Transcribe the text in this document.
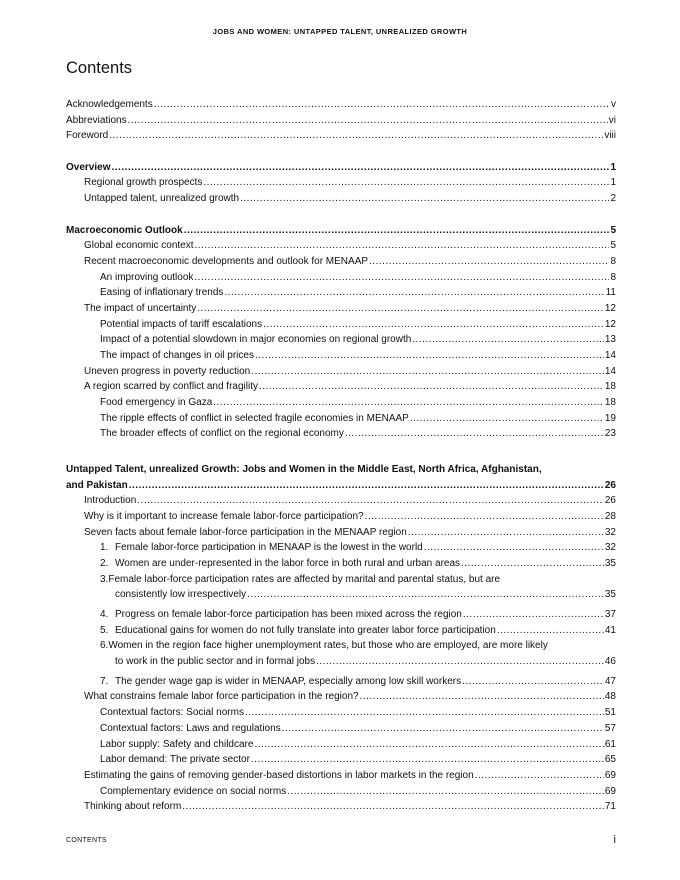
JOBS AND WOMEN: UNTAPPED TALENT, UNREALIZED GROWTH
Contents
Acknowledgements .....	v
Abbreviations .....	vi
Foreword .....	viii
Overview .....	1
Regional growth prospects .....	1
Untapped talent, unrealized growth .....	2
Macroeconomic Outlook .....	5
Global economic context .....	5
Recent macroeconomic developments and outlook for MENAAP .....	8
An improving outlook .....	8
Easing of inflationary trends .....	11
The impact of uncertainty .....	12
Potential impacts of tariff escalations .....	12
Impact of a potential slowdown in major economies on regional growth .....	13
The impact of changes in oil prices .....	14
Uneven progress in poverty reduction .....	14
A region scarred by conflict and fragility .....	18
Food emergency in Gaza .....	18
The ripple effects of conflict in selected fragile economies in MENAAP .....	19
The broader effects of conflict on the regional economy .....	23
Untapped Talent, unrealized Growth: Jobs and Women in the Middle East, North Africa, Afghanistan,
and Pakistan .....	26
Introduction .....	26
Why is it important to increase female labor-force participation? .....	28
Seven facts about female labor-force participation in the MENAAP region .....	32
1. Female labor-force participation in MENAAP is the lowest in the world .....	32
2. Women are under-represented in the labor force in both rural and urban areas .....	35
3.Female labor-force participation rates are affected by marital and parental status, but are
consistently low irrespectively .....	35
4. Progress on female labor-force participation has been mixed across the region .....	37
5. Educational gains for women do not fully translate into greater labor force participation .....	41
6.Women in the region face higher unemployment rates, but those who are employed, are more likely
to work in the public sector and in formal jobs .....	46
7. The gender wage gap is wider in MENAAP, especially among low skill workers .....	47
What constrains female labor force participation in the region? .....	48
Contextual factors: Social norms .....	51
Contextual factors: Laws and regulations .....	57
Labor supply: Safety and childcare .....	61
Labor demand: The private sector .....	65
Estimating the gains of removing gender-based distortions in labor markets in the region .....	69
Complementary evidence on social norms .....	69
Thinking about reform .....	71
CONTENTS	i
